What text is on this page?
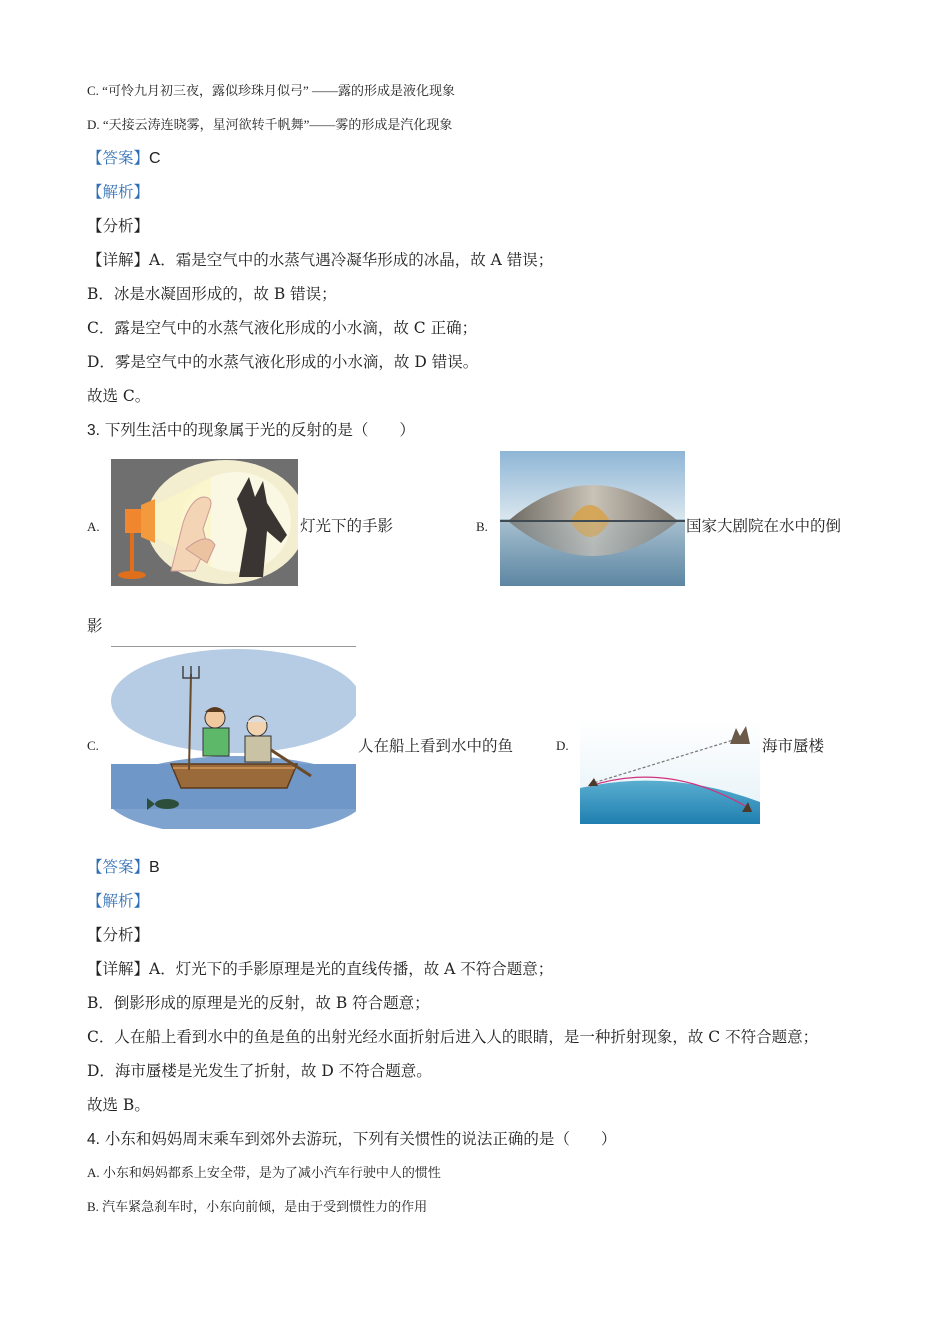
C. “可怜九月初三夜，露似珍珠月似弓” ——露的形成是液化现象
D. “天接云涛连晓雾，星河欲转千帆舞”——雾的形成是汽化现象
【答案】C
【解析】
【分析】
【详解】A．霜是空气中的水蒸气遇冷凝华形成的冰晶，故 A 错误；
B．冰是水凝固形成的，故 B 错误；
C．露是空气中的水蒸气液化形成的小水滴，故 C 正确；
D．雾是空气中的水蒸气液化形成的小水滴，故 D 错误。
故选 C。
3. 下列生活中的现象属于光的反射的是（　　）
A.	灯光下的手影	B.	国家大剧院在水中的倒
影
C.	人在船上看到水中的鱼	D.	海市蜃楼
【答案】B
【解析】
【分析】
【详解】A．灯光下的手影原理是光的直线传播，故 A 不符合题意；
B．倒影形成的原理是光的反射，故 B 符合题意；
C．人在船上看到水中的鱼是鱼的出射光经水面折射后进入人的眼睛，是一种折射现象，故 C 不符合题意；
D．海市蜃楼是光发生了折射，故 D 不符合题意。
故选 B。
4. 小东和妈妈周末乘车到郊外去游玩，下列有关惯性的说法正确的是（　　）
A. 小东和妈妈都系上安全带，是为了减小汽车行驶中人的惯性
B. 汽车紧急刹车时，小东向前倾，是由于受到惯性力的作用
